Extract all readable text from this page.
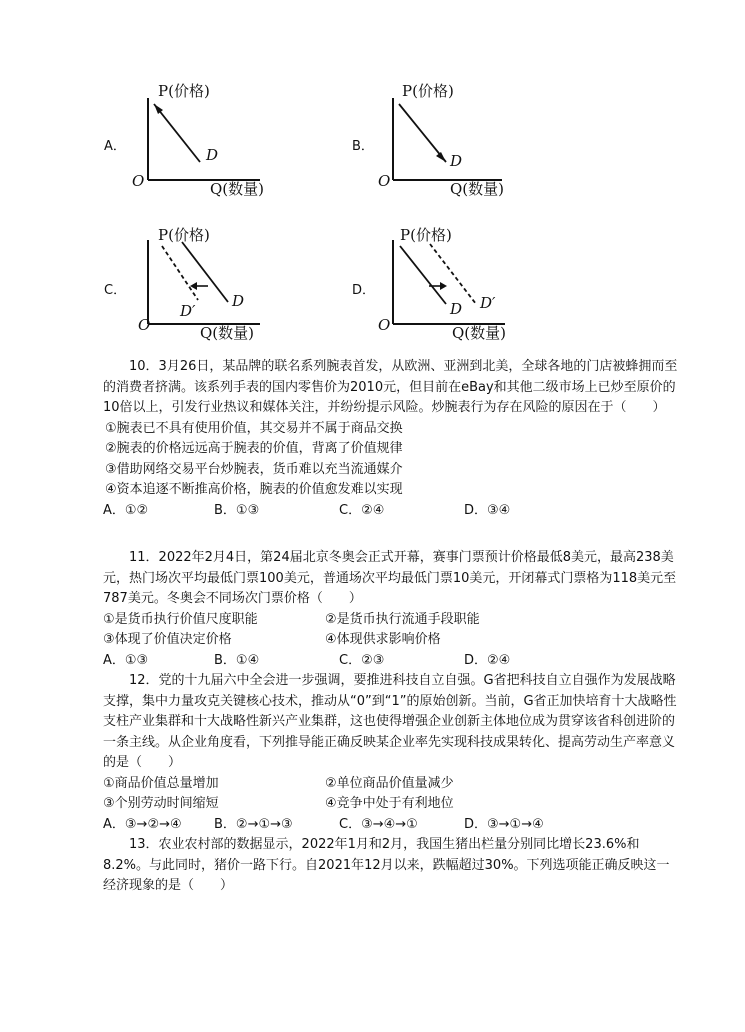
A．
P(价格)
D
O	Q(数量)
B．
P(价格)
D
O	Q(数量)
C．
P(价格)
D
D′
O	Q(数量)
D．
P(价格)
D D′
O	Q(数量)

10．3月26日，某品牌的联名系列腕表首发，从欧洲、亚洲到北美，全球各地的门店被蜂拥而至的消费者挤满。该系列手表的国内零售价为2010元，但目前在eBay和其他二级市场上已炒至原价的10倍以上，引发行业热议和媒体关注，并纷纷提示风险。炒腕表行为存在风险的原因在于（　　）

①腕表已不具有使用价值，其交易并不属于商品交换

②腕表的价格远远高于腕表的价值，背离了价值规律

③借助网络交易平台炒腕表，货币难以充当流通媒介

④资本追逐不断推高价格，腕表的价值愈发难以实现

A．①②	B．①③	C．②④	D．③④

11．2022年2月4日，第24届北京冬奥会正式开幕，赛事门票预计价格最低8美元，最高238美元，热门场次平均最低门票100美元，普通场次平均最低门票10美元，开闭幕式门票格为118美元至787美元。冬奥会不同场次门票价格（　　）

①是货币执行价值尺度职能	②是货币执行流通手段职能
③体现了价值决定价格	④体现供求影响价格
A．①③	B．①④	C．②③	D．②④

12．党的十九届六中全会进一步强调，要推进科技自立自强。G省把科技自立自强作为发展战略支撑，集中力量攻克关键核心技术，推动从“0”到“1”的原始创新。当前，G省正加快培育十大战略性支柱产业集群和十大战略性新兴产业集群，这也使得增强企业创新主体地位成为贯穿该省科创进阶的一条主线。从企业角度看，下列推导能正确反映某企业率先实现科技成果转化、提高劳动生产率意义的是（　　）

①商品价值总量增加	②单位商品价值量减少
③个别劳动时间缩短	④竞争中处于有利地位
A．③→②→④	B．②→①→③	C．③→④→①	D．③→①→④

13．农业农村部的数据显示，2022年1月和2月，我国生猪出栏量分别同比增长23.6%和8.2%。与此同时，猪价一路下行。自2021年12月以来，跌幅超过30%。下列选项能正确反映这一经济现象的是（　　）
